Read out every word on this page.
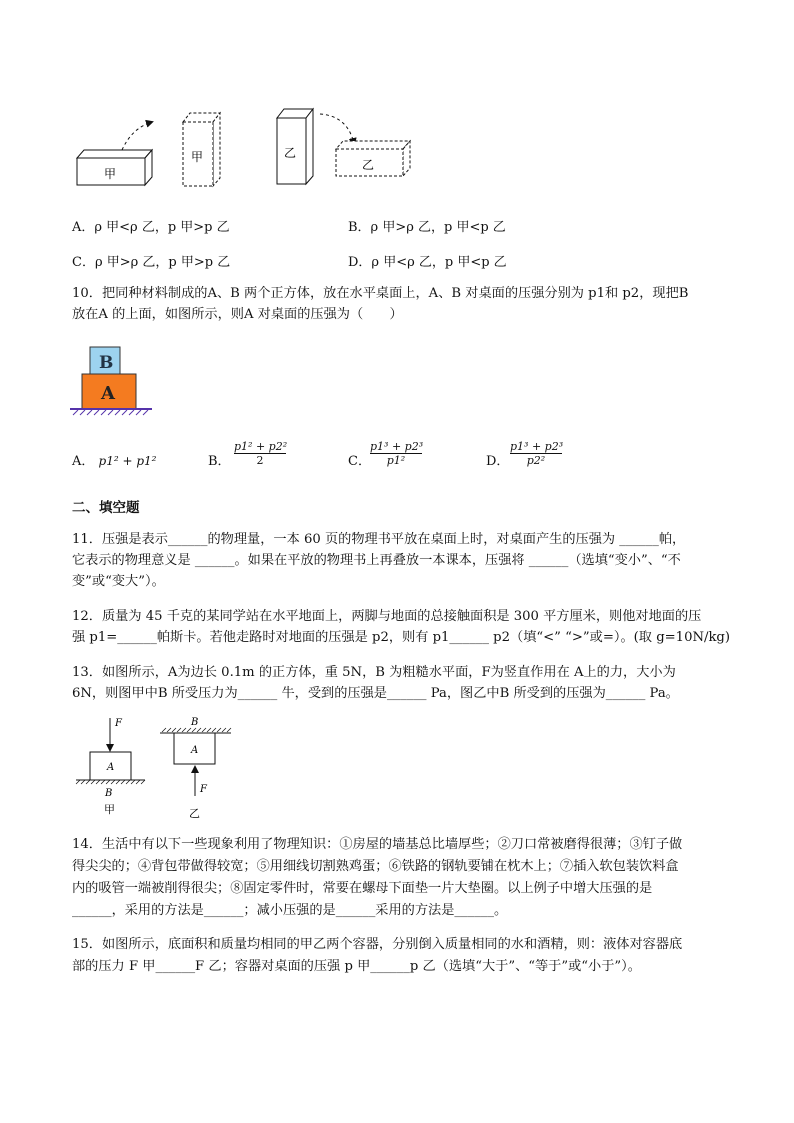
甲
甲	乙
乙
A．ρ 甲<ρ 乙，p 甲>p 乙	B．ρ 甲>ρ 乙，p 甲<p 乙
C．ρ 甲>ρ 乙，p 甲>p 乙	D．ρ 甲<ρ 乙，p 甲<p 乙
10．把同种材料制成的A、B 两个正方体，放在水平桌面上，A、B 对桌面的压强分别为 p1和 p2，现把B
放在A 的上面，如图所示，则A 对桌面的压强为（　　）
B
A
A． p1² + p1²	B． $\frac{\text{p1² + p2²}}{2}$	C． $\frac{\text{p1³ + p2³}}{\text{p1²}}$	D． $\frac{\text{p1³ + p2³}}{\text{p2²}}$
二、填空题
11．压强是表示______的物理量，一本 60 页的物理书平放在桌面上时，对桌面产生的压强为 ______帕，
它表示的物理意义是 ______。如果在平放的物理书上再叠放一本课本，压强将 ______（选填“变小”、“不
变”或“变大”）。
12．质量为 45 千克的某同学站在水平地面上，两脚与地面的总接触面积是 300 平方厘米，则他对地面的压
强 p1=______帕斯卡。若他走路时对地面的压强是 p2，则有 p1______ p2（填“<” “>”或=）。(取 g=10N/kg)
13．如图所示，A为边长 0.1m 的正方体，重 5N，B 为粗糙水平面，F为竖直作用在 A上的力，大小为
6N，则图甲中B 所受压力为______ 牛，受到的压强是______ Pa，图乙中B 所受到的压强为______ Pa。
F
A
B
甲
B
A
F
乙
14．生活中有以下一些现象利用了物理知识：①房屋的墙基总比墙厚些；②刀口常被磨得很薄；③钉子做
得尖尖的；④背包带做得较宽；⑤用细线切割熟鸡蛋；⑥铁路的钢轨要铺在枕木上；⑦插入软包装饮料盒
内的吸管一端被削得很尖；⑧固定零件时，常要在螺母下面垫一片大垫圈。以上例子中增大压强的是
______，采用的方法是______；减小压强的是______采用的方法是______。
15．如图所示，底面积和质量均相同的甲乙两个容器，分别倒入质量相同的水和酒精，则：液体对容器底
部的压力 F 甲______F 乙；容器对桌面的压强 p 甲______p 乙（选填“大于”、“等于”或“小于”）。
